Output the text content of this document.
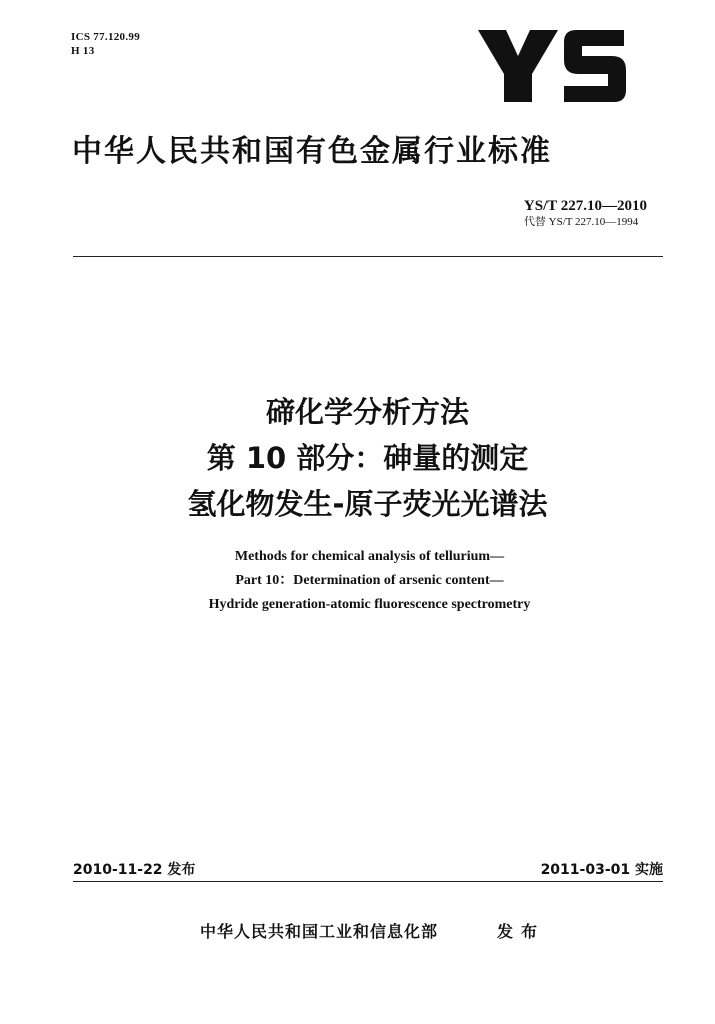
ICS 77.120.99
H 13
中华人民共和国有色金属行业标准
YS/T 227.10—2010
代替 YS/T 227.10—1994
碲化学分析方法
第 10 部分：砷量的测定
氢化物发生-原子荧光光谱法
Methods for chemical analysis of tellurium—
Part 10：Determination of arsenic content—
Hydride generation-atomic fluorescence spectrometry
2010-11-22 发布	2011-03-01 实施
中华人民共和国工业和信息化部	发布
